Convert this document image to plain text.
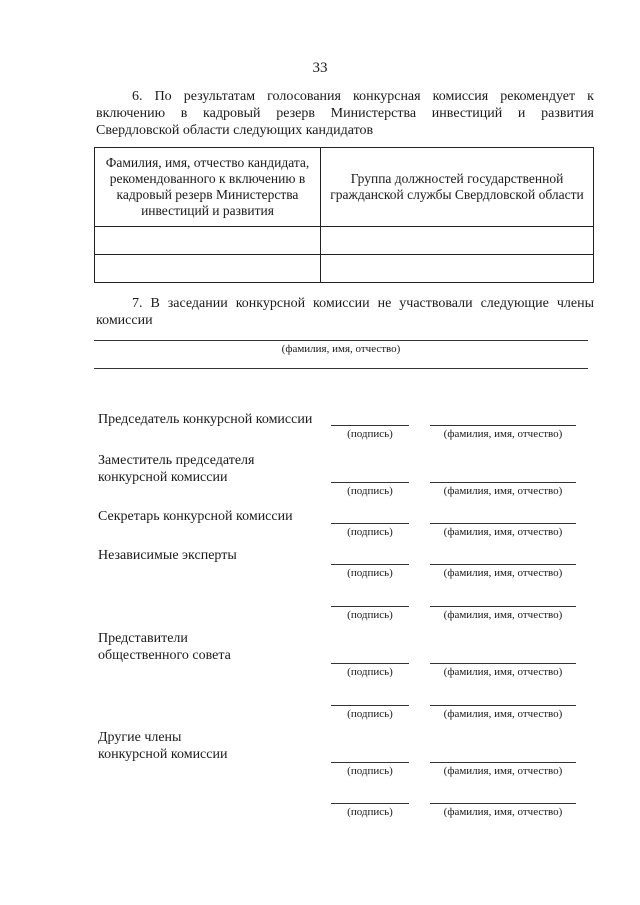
33
6. По результатам голосования конкурсная комиссия рекомендует к включению в кадровый резерв Министерства инвестиций и развития Свердловской области следующих кандидатов
Фамилия, имя, отчество кандидата, рекомендованного к включению в кадровый резерв Министерства инвестиций и развития	Группа должностей государственной гражданской службы Свердловской области

7. В заседании конкурсной комиссии не участвовали следующие члены комиссии
(фамилия, имя, отчество)
Председатель конкурсной комиссии
(подпись)	(фамилия, имя, отчество)
Заместитель председателя
конкурсной комиссии
(подпись)	(фамилия, имя, отчество)
Секретарь конкурсной комиссии
(подпись)	(фамилия, имя, отчество)
Независимые эксперты
(подпись)	(фамилия, имя, отчество)
(подпись)	(фамилия, имя, отчество)
Представители
общественного совета
(подпись)	(фамилия, имя, отчество)
(подпись)	(фамилия, имя, отчество)
Другие члены
конкурсной комиссии
(подпись)	(фамилия, имя, отчество)
(подпись)	(фамилия, имя, отчество)
